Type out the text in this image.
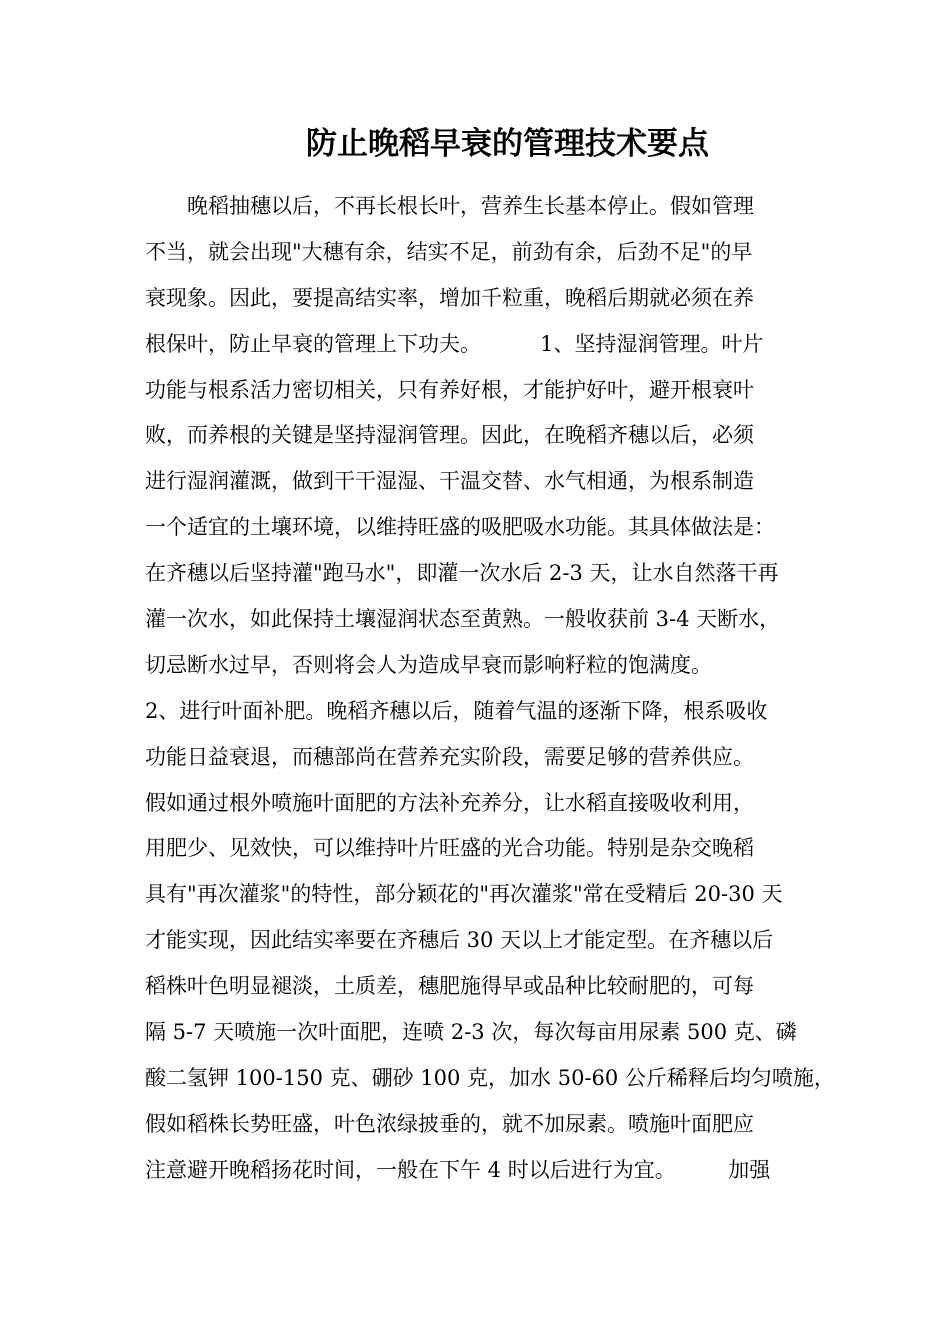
防止晚稻早衰的管理技术要点
　　晚稻抽穗以后，不再长根长叶，营养生长基本停止。假如管理
不当，就会出现"大穗有余，结实不足，前劲有余，后劲不足"的早
衰现象。因此，要提高结实率，增加千粒重，晚稻后期就必须在养
根保叶，防止早衰的管理上下功夫。　　　 1、坚持湿润管理。叶片
功能与根系活力密切相关，只有养好根，才能护好叶，避开根衰叶
败，而养根的关键是坚持湿润管理。因此，在晚稻齐穗以后，必须
进行湿润灌溉，做到干干湿湿、干温交替、水气相通，为根系制造
一个适宜的土壤环境，以维持旺盛的吸肥吸水功能。其具体做法是：
在齐穗以后坚持灌"跑马水"，即灌一次水后 2-3 天，让水自然落干再
灌一次水，如此保持土壤湿润状态至黄熟。一般收获前 3-4 天断水，
切忌断水过早，否则将会人为造成早衰而影响籽粒的饱满度。
2、进行叶面补肥。晚稻齐穗以后，随着气温的逐渐下降，根系吸收
功能日益衰退，而穗部尚在营养充实阶段，需要足够的营养供应。
假如通过根外喷施叶面肥的方法补充养分，让水稻直接吸收利用，
用肥少、见效快，可以维持叶片旺盛的光合功能。特别是杂交晚稻
具有"再次灌浆"的特性，部分颖花的"再次灌浆"常在受精后 20-30 天
才能实现，因此结实率要在齐穗后 30 天以上才能定型。在齐穗以后
稻株叶色明显褪淡，土质差，穗肥施得早或品种比较耐肥的，可每
隔 5-7 天喷施一次叶面肥，连喷 2-3 次，每次每亩用尿素 500 克、磷
酸二氢钾 100-150 克、硼砂 100 克，加水 50-60 公斤稀释后均匀喷施，
假如稻株长势旺盛，叶色浓绿披垂的，就不加尿素。喷施叶面肥应
注意避开晚稻扬花时间，一般在下午 4 时以后进行为宜。　　　加强
